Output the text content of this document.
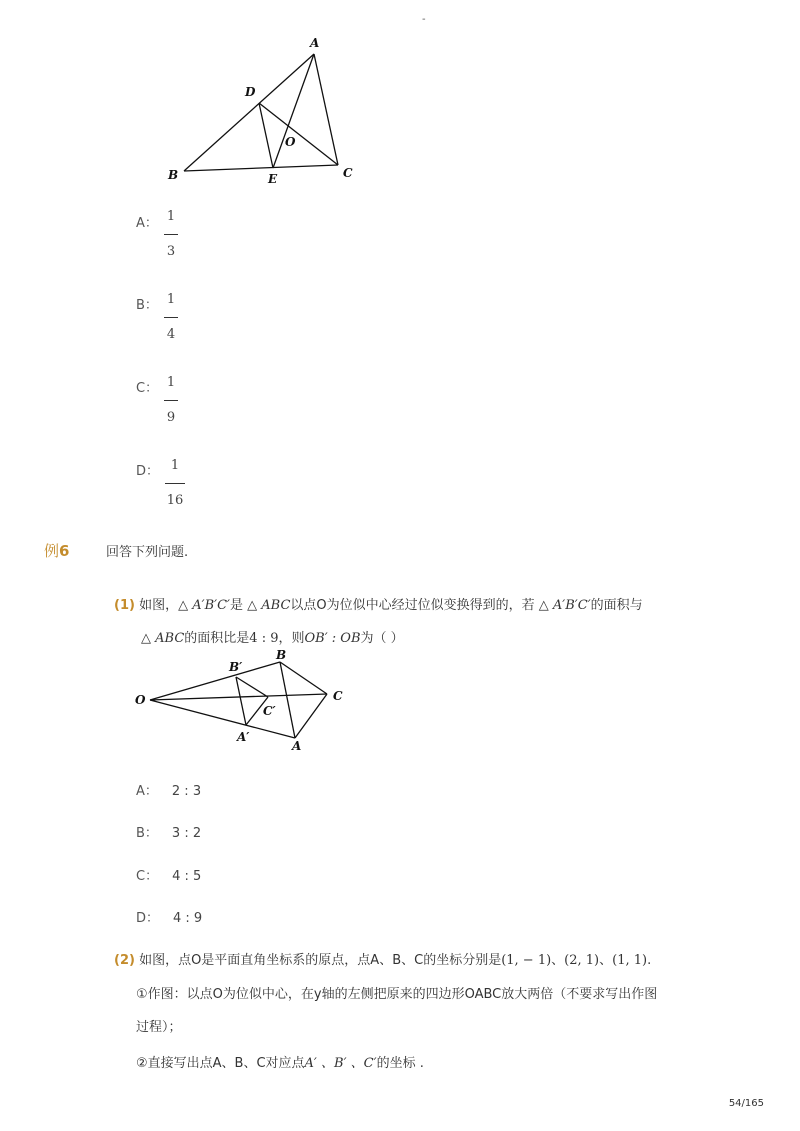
-
A
D
O
B	E	C
A： 1
3
B： 1
4
C： 1
9
D： 1
16
例6	回答下列问题.
(1) 如图，△ A′B′C′是 △ ABC以点O为位似中心经过位似变换得到的，若 △ A′B′C′的面积与
△ ABC的面积比是4 : 9，则OB′ : OB为（ ）
O
B′
B
C
C′
A′
A
A： 2 : 3
B： 3 : 2
C： 4 : 5
D： 4 : 9
(2) 如图，点O是平面直角坐标系的原点，点A、B、C的坐标分别是(1, − 1)、(2, 1)、(1, 1).
①作图：以点O为位似中心，在y轴的左侧把原来的四边形OABC放大两倍（不要求写出作图
过程）；
②直接写出点A、B、C对应点A′ 、B′ 、C′的坐标 .
54/165
